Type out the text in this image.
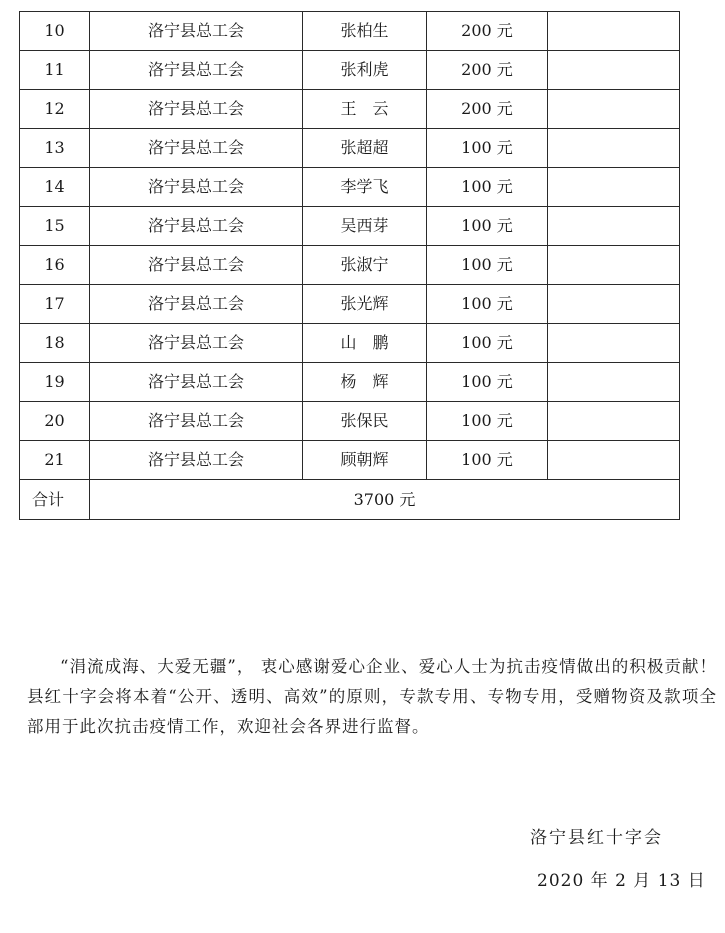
10	洛宁县总工会	张柏生	200 元	
11	洛宁县总工会	张利虎	200 元	
12	洛宁县总工会	王　云	200 元	
13	洛宁县总工会	张超超	100 元	
14	洛宁县总工会	李学飞	100 元	
15	洛宁县总工会	吴西芽	100 元	
16	洛宁县总工会	张淑宁	100 元	
17	洛宁县总工会	张光辉	100 元	
18	洛宁县总工会	山　鹏	100 元	
19	洛宁县总工会	杨　辉	100 元	
20	洛宁县总工会	张保民	100 元	
21	洛宁县总工会	顾朝辉	100 元	
合计	3700 元			

“涓流成海、大爱无疆”， 衷心感谢爱心企业、爱心人士为抗击疫情做出的积极贡献！县红十字会将本着“公开、透明、高效”的原则，专款专用、专物专用，受赠物资及款项全部用于此次抗击疫情工作，欢迎社会各界进行监督。

洛宁县红十字会
2020 年 2 月 13 日
